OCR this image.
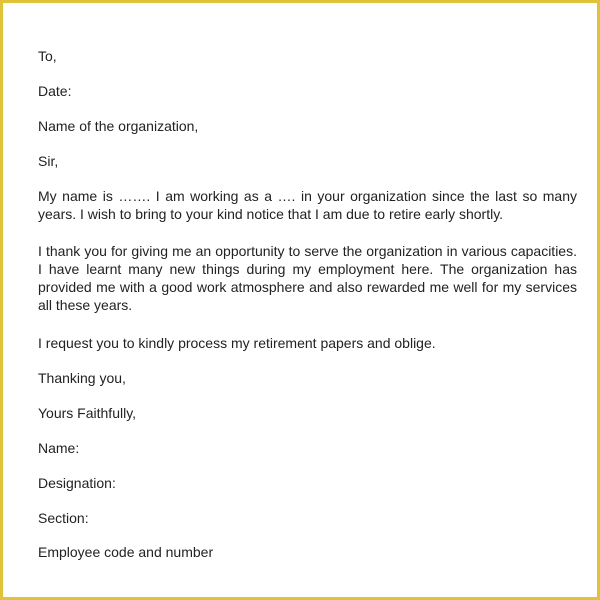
To,
Date:
Name of the organization,
Sir,
My name is ……. I am working as a …. in your organization since the last so many
years. I wish to bring to your kind notice that I am due to retire early shortly.
I thank you for giving me an opportunity to serve the organization in various capacities.
I have learnt many new things during my employment here. The organization has
provided me with a good work atmosphere and also rewarded me well for my services
all these years.
I request you to kindly process my retirement papers and oblige.
Thanking you,
Yours Faithfully,
Name:
Designation:
Section:
Employee code and number
